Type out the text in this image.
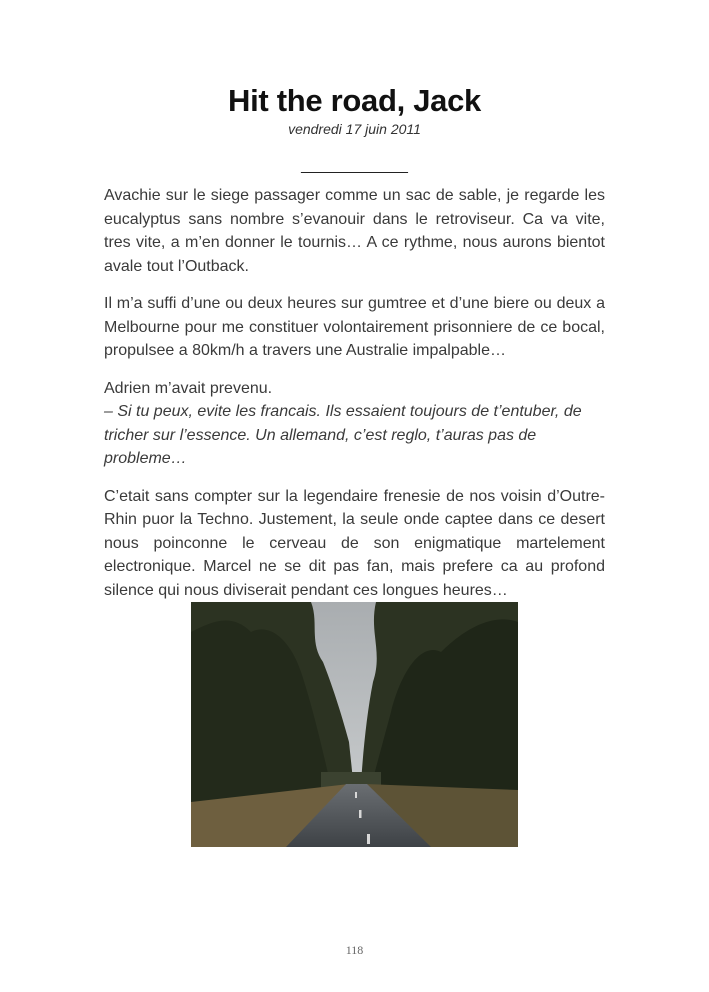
Hit the road, Jack
vendredi 17 juin 2011
____________

Avachie sur le siege passager comme un sac de sable, je regarde les eucalyptus sans nombre s’evanouir dans le retroviseur. Ca va vite, tres vite, a m’en donner le tournis… A ce rythme, nous aurons bientot avale tout l’Outback.

Il m’a suffi d’une ou deux heures sur gumtree et d’une biere ou deux a Melbourne pour me constituer volontairement prisonniere de ce bocal, propulsee a 80km/h a travers une Australie impalpable…

Adrien m’avait prevenu.
– Si tu peux, evite les francais. Ils essaient toujours de t’entuber, de tricher sur l’essence. Un allemand, c’est reglo, t’auras pas de probleme…

C’etait sans compter sur la legendaire frenesie de nos voisin d’Outre-Rhin puor la Techno. Justement, la seule onde captee dans ce desert nous poinconne le cerveau de son enigmatique martelement electronique. Marcel ne se dit pas fan, mais prefere ca au profond silence qui nous diviserait pendant ces longues heures…

118
